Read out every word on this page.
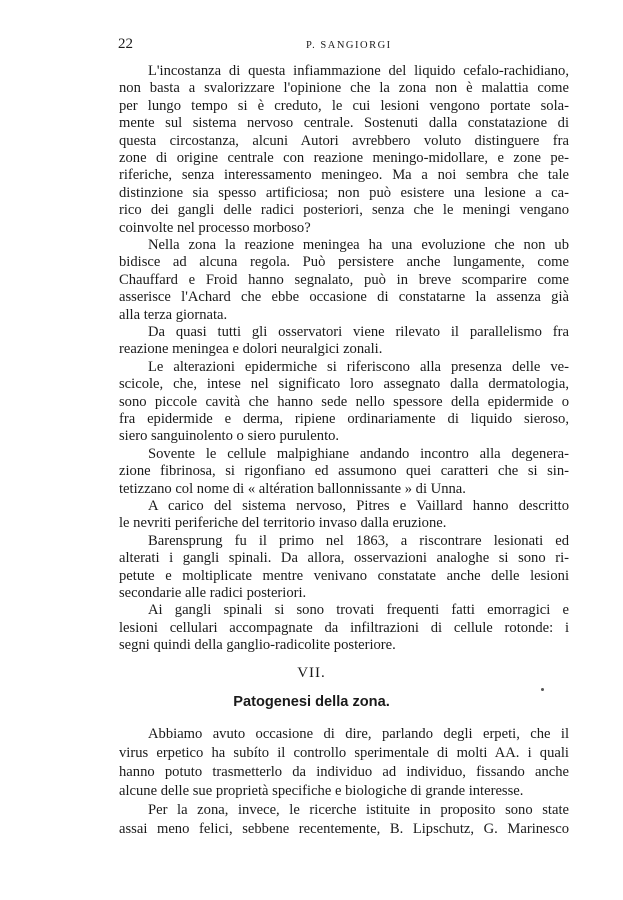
22	P. SANGIORGI
L'incostanza di questa infiammazione del liquido cefalo-rachidiano,
non basta a svalorizzare l'opinione che la zona non è malattia come
per lungo tempo si è creduto, le cui lesioni vengono portate sola-
mente sul sistema nervoso centrale. Sostenuti dalla constatazione di
questa circostanza, alcuni Autori avrebbero voluto distinguere fra
zone di origine centrale con reazione meningo-midollare, e zone pe-
riferiche, senza interessamento meningeo. Ma a noi sembra che tale
distinzione sia spesso artificiosa; non può esistere una lesione a ca-
rico dei gangli delle radici posteriori, senza che le meningi vengano
coinvolte nel processo morboso?
Nella zona la reazione meningea ha una evoluzione che non ub
bidisce ad alcuna regola. Può persistere anche lungamente, come
Chauffard e Froid hanno segnalato, può in breve scomparire come
asserisce l'Achard che ebbe occasione di constatarne la assenza già
alla terza giornata.
Da quasi tutti gli osservatori viene rilevato il parallelismo fra
reazione meningea e dolori neuralgici zonali.
Le alterazioni epidermiche si riferiscono alla presenza delle ve-
scicole, che, intese nel significato loro assegnato dalla dermatologia,
sono piccole cavità che hanno sede nello spessore della epidermide o
fra epidermide e derma, ripiene ordinariamente di liquido sieroso,
siero sanguinolento o siero purulento.
Sovente le cellule malpighiane andando incontro alla degenera-
zione fibrinosa, si rigonfiano ed assumono quei caratteri che si sin-
tetizzano col nome di « altération ballonnissante » di Unna.
A carico del sistema nervoso, Pitres e Vaillard hanno descritto
le nevriti periferiche del territorio invaso dalla eruzione.
Barensprung fu il primo nel 1863, a riscontrare lesionati ed
alterati i gangli spinali. Da allora, osservazioni analoghe si sono ri-
petute e moltiplicate mentre venivano constatate anche delle lesioni
secondarie alle radici posteriori.
Ai gangli spinali si sono trovati frequenti fatti emorragici e
lesioni cellulari accompagnate da infiltrazioni di cellule rotonde: i
segni quindi della ganglio-radicolite posteriore.
VII.
Patogenesi della zona.
Abbiamo avuto occasione di dire, parlando degli erpeti, che il
virus erpetico ha subíto il controllo sperimentale di molti AA. i quali
hanno potuto trasmetterlo da individuo ad individuo, fissando anche
alcune delle sue proprietà specifiche e biologiche di grande interesse.
Per la zona, invece, le ricerche istituite in proposito sono state
assai meno felici, sebbene recentemente, B. Lipschutz, G. Marinesco
